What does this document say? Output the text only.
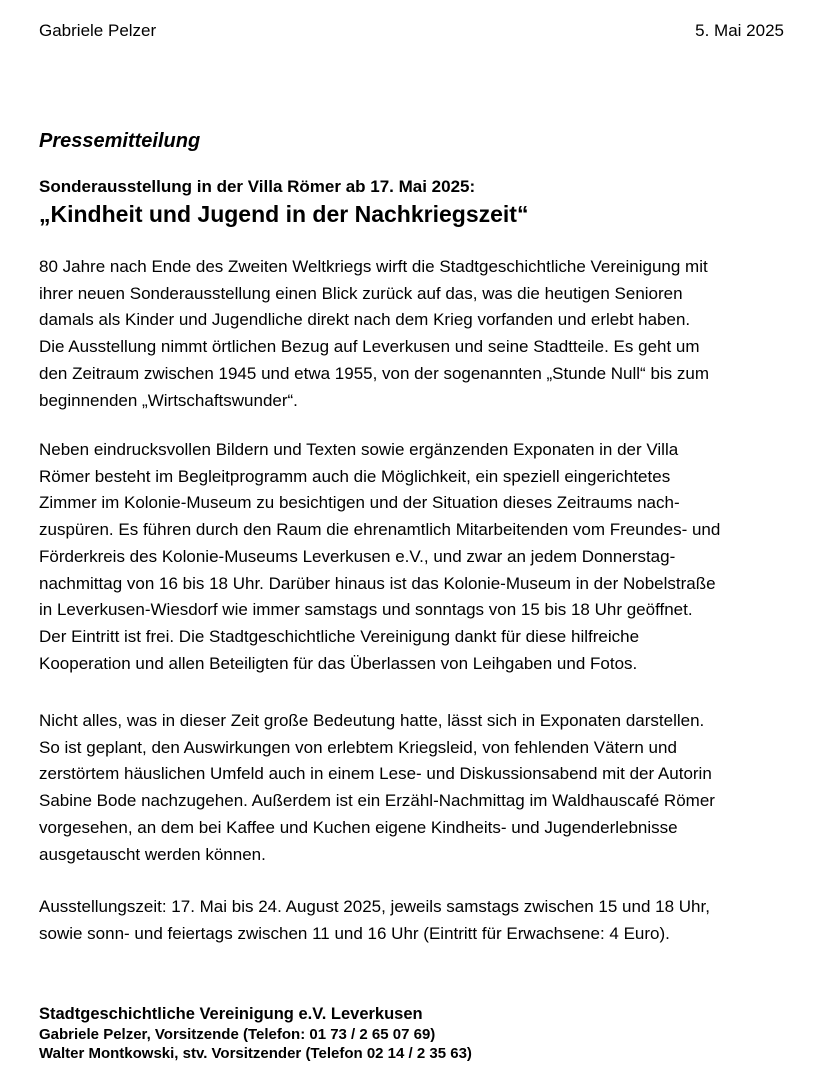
Gabriele Pelzer	5. Mai 2025
Pressemitteilung
Sonderausstellung in der Villa Römer ab 17. Mai 2025:
„Kindheit und Jugend in der Nachkriegszeit“

80 Jahre nach Ende des Zweiten Weltkriegs wirft die Stadtgeschichtliche Vereinigung mit
ihrer neuen Sonderausstellung einen Blick zurück auf das, was die heutigen Senioren
damals als Kinder und Jugendliche direkt nach dem Krieg vorfanden und erlebt haben.
Die Ausstellung nimmt örtlichen Bezug auf Leverkusen und seine Stadtteile. Es geht um
den Zeitraum zwischen 1945 und etwa 1955, von der sogenannten „Stunde Null“ bis zum
beginnenden „Wirtschaftswunder“.

Neben eindrucksvollen Bildern und Texten sowie ergänzenden Exponaten in der Villa
Römer besteht im Begleitprogramm auch die Möglichkeit, ein speziell eingerichtetes
Zimmer im Kolonie-Museum zu besichtigen und der Situation dieses Zeitraums nach-
zuspüren. Es führen durch den Raum die ehrenamtlich Mitarbeitenden vom Freundes- und
Förderkreis des Kolonie-Museums Leverkusen e.V., und zwar an jedem Donnerstag-
nachmittag von 16 bis 18 Uhr. Darüber hinaus ist das Kolonie-Museum in der Nobelstraße
in Leverkusen-Wiesdorf wie immer samstags und sonntags von 15 bis 18 Uhr geöffnet.
Der Eintritt ist frei. Die Stadtgeschichtliche Vereinigung dankt für diese hilfreiche
Kooperation und allen Beteiligten für das Überlassen von Leihgaben und Fotos.

Nicht alles, was in dieser Zeit große Bedeutung hatte, lässt sich in Exponaten darstellen.
So ist geplant, den Auswirkungen von erlebtem Kriegsleid, von fehlenden Vätern und
zerstörtem häuslichen Umfeld auch in einem Lese- und Diskussionsabend mit der Autorin
Sabine Bode nachzugehen. Außerdem ist ein Erzähl-Nachmittag im Waldhauscafé Römer
vorgesehen, an dem bei Kaffee und Kuchen eigene Kindheits- und Jugenderlebnisse
ausgetauscht werden können.

Ausstellungszeit: 17. Mai bis 24. August 2025, jeweils samstags zwischen 15 und 18 Uhr,
sowie sonn- und feiertags zwischen 11 und 16 Uhr (Eintritt für Erwachsene: 4 Euro).

Stadtgeschichtliche Vereinigung e.V. Leverkusen
Gabriele Pelzer, Vorsitzende (Telefon: 01 73 / 2 65 07 69)
Walter Montkowski, stv. Vorsitzender (Telefon 02 14 / 2 35 63)
